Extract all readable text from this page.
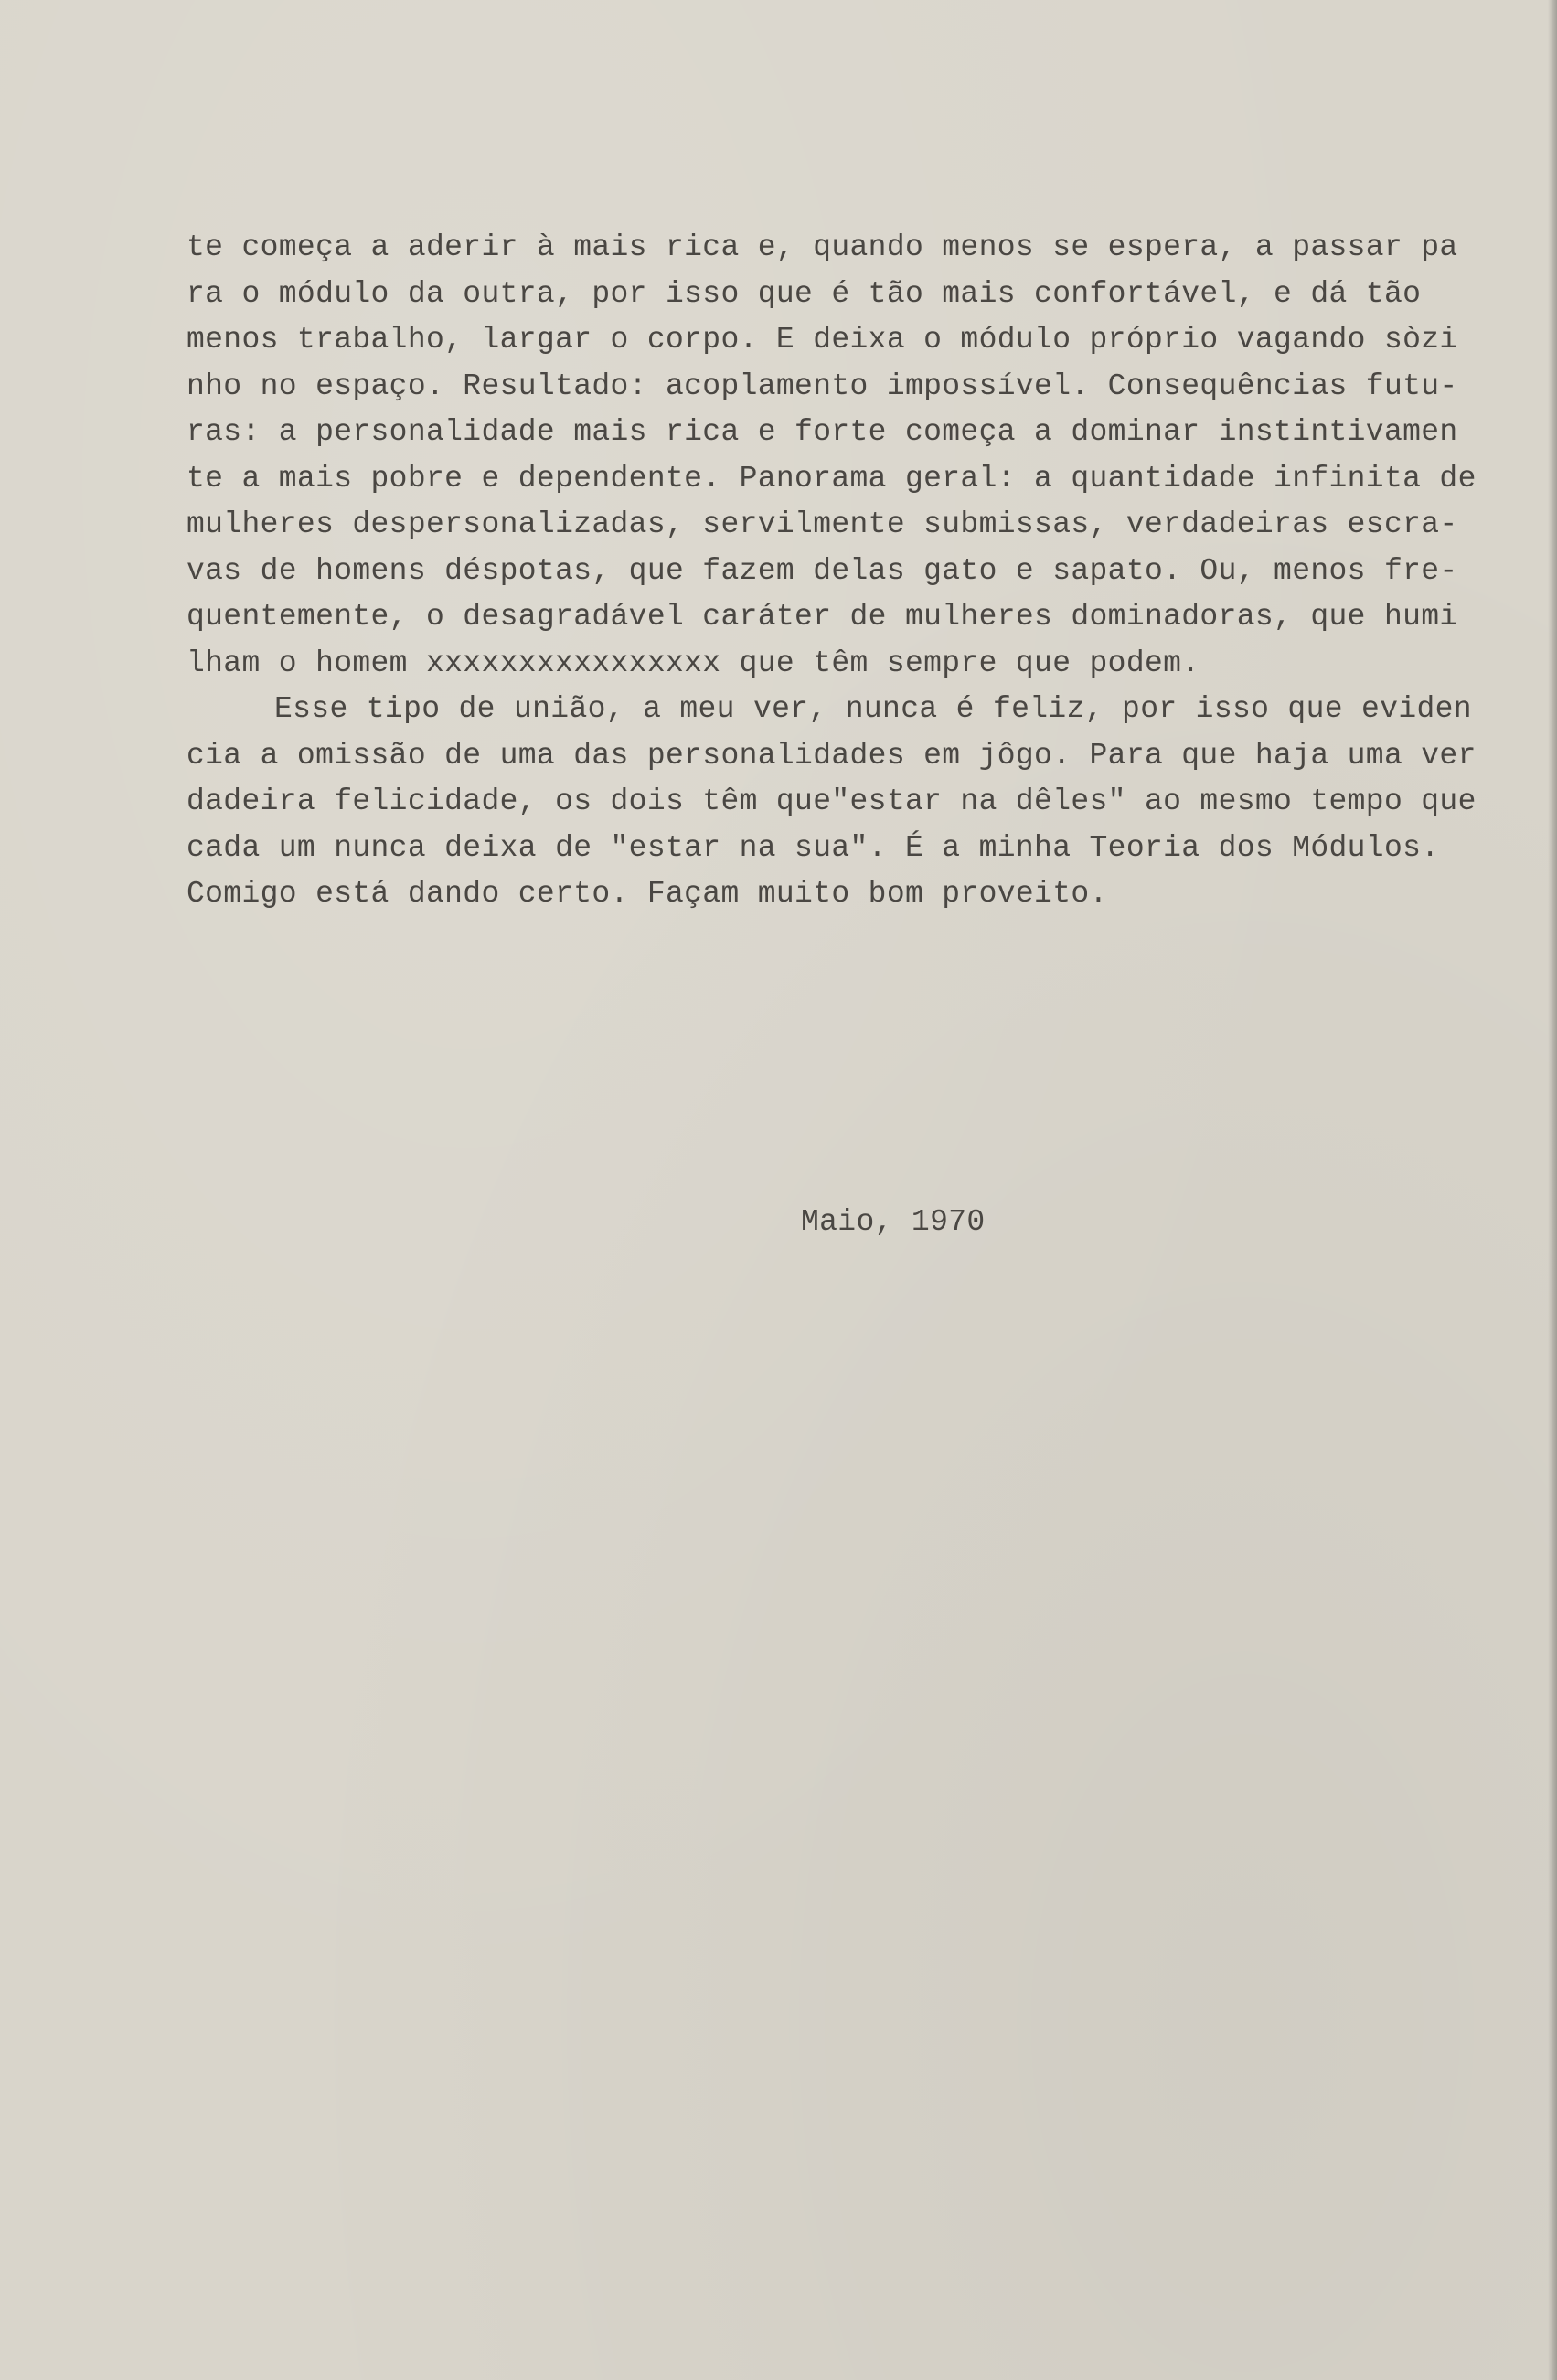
te começa a aderir à mais rica e, quando menos se espera, a passar pa
ra o módulo da outra, por isso que é tão mais confortável, e dá tão
menos trabalho, largar o corpo. E deixa o módulo próprio vagando sòzi
nho no espaço. Resultado: acoplamento impossível. Consequências futu-
ras: a personalidade mais rica e forte começa a dominar instintivamen
te a mais pobre e dependente. Panorama geral: a quantidade infinita de
mulheres despersonalizadas, servilmente submissas, verdadeiras escra-
vas de homens déspotas, que fazem delas gato e sapato. Ou, menos fre-
quentemente, o desagradável caráter de mulheres dominadoras, que humi
lham o homem xxxxxxxxxxxxxxxx que têm sempre que podem.
Esse tipo de união, a meu ver, nunca é feliz, por isso que eviden
cia a omissão de uma das personalidades em jôgo. Para que haja uma ver
dadeira felicidade, os dois têm que"estar na dêles" ao mesmo tempo que
cada um nunca deixa de "estar na sua". É a minha Teoria dos Módulos.
Comigo está dando certo. Façam muito bom proveito.
Maio, 1970
